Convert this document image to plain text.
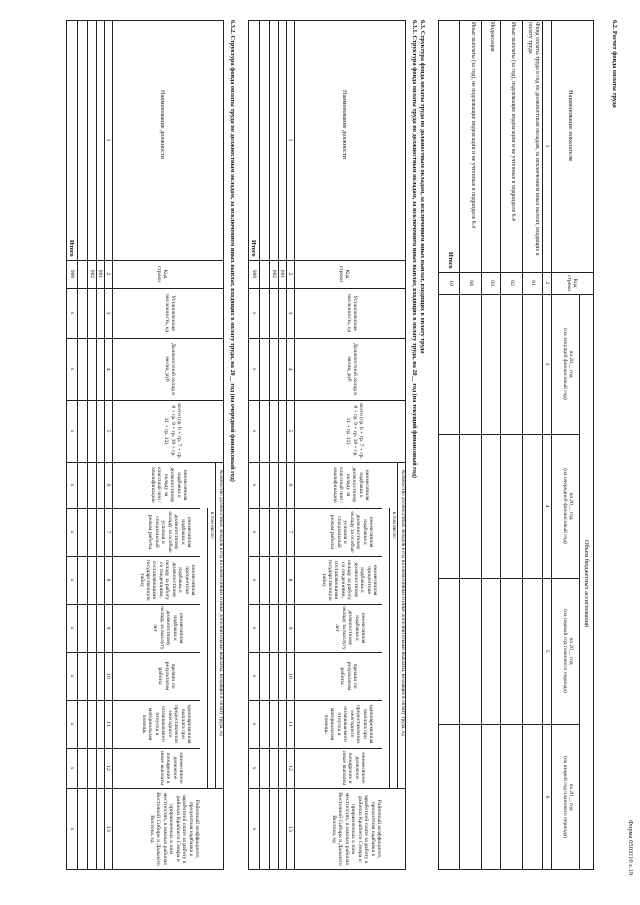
Форма 0503110 с.19
6.2. Расчет фонда оплаты труда
Наименование показателя
Код строки
Объем бюджетных ассигнований
на 20__ год
(на текущий финансовый год)
на 20__ год
(на очередной финансовый год)
на 20__ год
(на первый год планового периода)
на 20__ год
(на второй год планового периода)
1
2
3
4
5
6
Фонд оплаты труда в год по должностным окладам, за исключением иных выплат, входящих в оплату труда
01
Иные выплаты (за год), подлежащие индексации и не учтенные в подразделе 6.4
02
Индексация
03
Иные выплаты (за год), не подлежащие индексации и не учтенные в подразделе 6.4
04
Итого
10
6.3. Структура фонда оплаты труда по должностным окладам, за исключением иных выплат, входящих в оплату труда
6.3.1. Структура фонда оплаты труда по должностным окладам, за исключением иных выплат, входящих в оплату труда, на 20__ год (на текущий финансовый год)
Наименование должности
Код строки
Установленная численность, ед
Должностной оклад в месяц, руб
Количество должностных окладов в год на ежемесячные и иные дополнительные выплаты, входящие в оплату труда, ед
всего (гр. 6 + гр. 7 + гр. 8 + гр. 9 + гр. 10 + гр. 11 + гр. 12)
в том числе:
ежемесячная надбавка к должностному окладу за классный чин / квалификацию
ежемесячная надбавка к должностному окладу за особые условия и специальный режим работы
ежемесячная процентная надбавка к должностному окладу за работу со сведениями, составляющими государственную тайну
ежемесячная надбавка к должностному окладу за выслугу лет
премии по результатам работы
единовременная выплата при предоставлении ежегодного оплачиваемого отпуска и материальная помощь
ежемесячное денежное поощрение и иные выплаты
Районный коэффициент, процентная надбавка к заработной плате за работу в районах Крайнего Севера и приравненных к ним местностях, в южных районах Восточной Сибири и Дальнего Востока, ед
1
2
3
4
5
6
7
8
9
10
11
12
13
001
002
Итого
900
x
x
x
x
x
x
x
x
x
x
x
6.3.2. Структура фонда оплаты труда по должностным окладам, за исключением иных выплат, входящих в оплату труда, на 20__ год (на очередной финансовый год)
Наименование должности
Код строки
Установленная численность, ед
Должностной оклад в месяц, руб
Количество должностных окладов в год на ежемесячные и иные дополнительные выплаты, входящие в оплату труда, ед
всего (гр. 6 + гр. 7 + гр. 8 + гр. 9 + гр. 10 + гр. 11 + гр. 12)
в том числе:
ежемесячная надбавка к должностному окладу за классный чин / квалификацию
ежемесячная надбавка к должностному окладу за особые условия и специальный режим работы
ежемесячная процентная надбавка к должностному окладу за работу со сведениями, составляющими государственную тайну
ежемесячная надбавка к должностному окладу за выслугу лет
премии по результатам работы
единовременная выплата при предоставлении ежегодного оплачиваемого отпуска и материальная помощь
ежемесячное денежное поощрение и иные выплаты
Районный коэффициент, процентная надбавка к заработной плате за работу в районах Крайнего Севера и приравненных к ним местностях, в южных районах Восточной Сибири и Дальнего Востока, ед
1
2
3
4
5
6
7
8
9
10
11
12
13
001
002
Итого
900
x
x
x
x
x
x
x
x
x
x
x
